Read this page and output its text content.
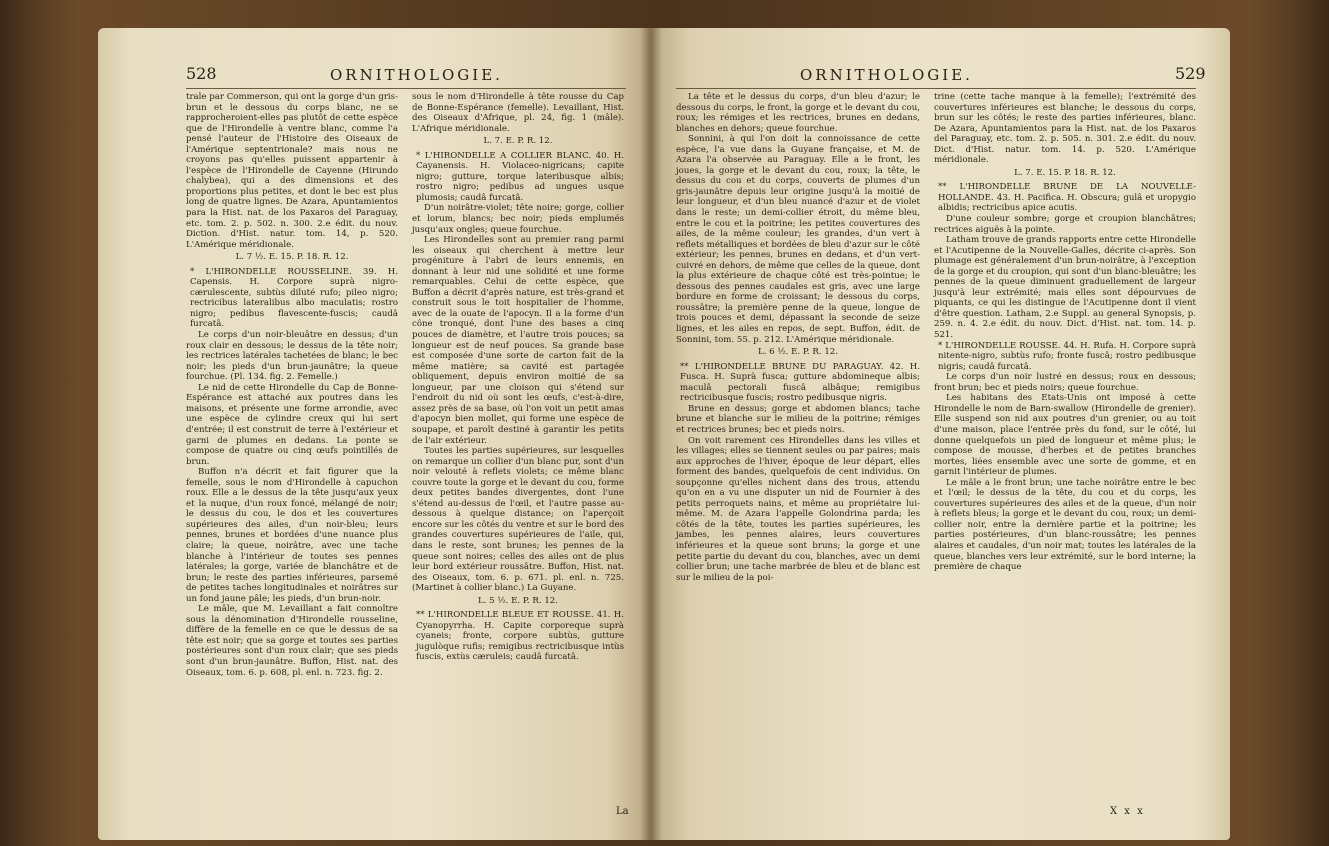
528	ORNITHOLOGIE.	ORNITHOLOGIE.	529

trale par Commerson, qui ont la gorge d'un gris-brun et le dessous du corps blanc, ne se rapprocheroient-elles pas plutôt de cette espèce que de l'Hirondelle à ventre blanc, comme l'a pensé l'auteur de l'Histoire des Oiseaux de l'Amérique septentrionale? mais nous ne croyons pas qu'elles puissent appartenir à l'espèce de l'Hirondelle de Cayenne (Hirundo chalybea), qui a des dimensions et des proportions plus petites, et dont le bec est plus long de quatre lignes. De Azara, Apuntamientos para la Hist. nat. de los Paxaros del Paraguay, etc. tom. 2. p. 502. n. 300. 2.e édit. du nouv. Diction. d'Hist. natur. tom. 14, p. 520. L'Amérique méridionale.

L. 7 ½. E. 15. P. 18. R. 12.

* L'HIRONDELLE ROUSSELINE. 39. H. Capensis. H. Corpore suprà nigro-cærulescente, subtùs diluté rufo; pileo nigro; rectricibus lateralibus albo maculatis; rostro nigro; pedibus flavescente-fuscis; caudâ furcatâ.

Le corps d'un noir-bleuâtre en dessus; d'un roux clair en dessous; le dessus de la tête noir; les rectrices latérales tachetées de blanc; le bec noir; les pieds d'un brun-jaunâtre; la queue fourchue. (Pl. 134. fig. 2. Femelle.)

Le nid de cette Hirondelle du Cap de Bonne-Espérance est attaché aux poutres dans les maisons, et présente une forme arrondie, avec une espèce de cylindre creux qui lui sert d'entrée; il est construit de terre à l'extérieur et garni de plumes en dedans. La ponte se compose de quatre ou cinq œufs pointillés de brun.

Buffon n'a décrit et fait figurer que la femelle, sous le nom d'Hirondelle à capuchon roux. Elle a le dessus de la tête jusqu'aux yeux et la nuque, d'un roux foncé, mélangé de noir; le dessus du cou, le dos et les couvertures supérieures des ailes, d'un noir-bleu; leurs pennes, brunes et bordées d'une nuance plus claire; la queue, noirâtre, avec une tache blanche à l'intérieur de toutes ses pennes latérales; la gorge, variée de blanchâtre et de brun; le reste des parties inférieures, parsemé de petites taches longitudinales et noirâtres sur un fond jaune pâle; les pieds, d'un brun-noir.

Le mâle, que M. Levaillant a fait connoître sous la dénomination d'Hirondelle rousseline, diffère de la femelle en ce que le dessus de sa tête est noir; que sa gorge et toutes ses parties postérieures sont d'un roux clair; que ses pieds sont d'un brun-jaunâtre. Buffon, Hist. nat. des Oiseaux, tom. 6. p. 608, pl. enl. n. 723. fig. 2.

sous le nom d'Hirondelle à tête rousse du Cap de Bonne-Espérance (femelle). Levaillant, Hist. des Oiseaux d'Afrique, pl. 24, fig. 1 (mâle). L'Afrique méridionale.

L. 7. E. P. R. 12.

* L'HIRONDELLE A COLLIER BLANC. 40. H. Cayanensis. H. Violaceo-nigricans; capite nigro; gutture, torque lateribusque albis; rostro nigro; pedibus ad ungues usque plumosis; caudâ furcatâ.

D'un noirâtre-violet; tête noire; gorge, collier et lorum, blancs; bec noir; pieds emplumés jusqu'aux ongles; queue fourchue.

Les Hirondelles sont au premier rang parmi les oiseaux qui cherchent à mettre leur progéniture à l'abri de leurs ennemis, en donnant à leur nid une solidité et une forme remarquables. Celui de cette espèce, que Buffon a décrit d'après nature, est très-grand et construit sous le toit hospitalier de l'homme, avec de la ouate de l'apocyn. Il a la forme d'un cône tronqué, dont l'une des bases a cinq pouces de diamètre, et l'autre trois pouces; sa longueur est de neuf pouces. Sa grande base est composée d'une sorte de carton fait de la même matière; sa cavité est partagée obliquement, depuis environ moitié de sa longueur, par une cloison qui s'étend sur l'endroit du nid où sont les œufs, c'est-à-dire, assez près de sa base, où l'on voit un petit amas d'apocyn bien mollet, qui forme une espèce de soupape, et paroît destiné à garantir les petits de l'air extérieur.

Toutes les parties supérieures, sur lesquelles on remarque un collier d'un blanc pur, sont d'un noir velouté à reflets violets; ce même blanc couvre toute la gorge et le devant du cou, forme deux petites bandes divergentes, dont l'une s'étend au-dessus de l'œil, et l'autre passe au-dessous à quelque distance; on l'aperçoit encore sur les côtés du ventre et sur le bord des grandes couvertures supérieures de l'aile, qui, dans le reste, sont brunes; les pennes de la queue sont noires; celles des ailes ont de plus leur bord extérieur roussâtre. Buffon, Hist. nat. des Oiseaux, tom. 6. p. 671. pl. enl. n. 725. (Martinet à collier blanc.) La Guyane.

L. 5 ½. E. P. R. 12.

** L'HIRONDELLE BLEUE ET ROUSSE. 41. H. Cyanopyrrha. H. Capite corporeque suprà cyaneis; fronte, corpore subtùs, gutture jugulòque rufis; remigibus rectricibusque intùs fuscis, extùs cæruleis; caudâ furcatâ.

La

La tête et le dessus du corps, d'un bleu d'azur; le dessous du corps, le front, la gorge et le devant du cou, roux; les rémiges et les rectrices, brunes en dedans, blanches en dehors; queue fourchue.

Sonnini, à qui l'on doit la connoissance de cette espèce, l'a vue dans la Guyane française, et M. de Azara l'a observée au Paraguay. Elle a le front, les joues, la gorge et le devant du cou, roux; la tête, le dessus du cou et du corps, couverts de plumes d'un gris-jaunâtre depuis leur origine jusqu'à la moitié de leur longueur, et d'un bleu nuancé d'azur et de violet dans le reste; un demi-collier étroit, du même bleu, entre le cou et la poitrine; les petites couvertures des ailes, de la même couleur; les grandes, d'un vert à reflets métalliques et bordées de bleu d'azur sur le côté extérieur; les pennes, brunes en dedans, et d'un vert-cuivré en dehors, de même que celles de la queue, dont la plus extérieure de chaque côté est très-pointue; le dessous des pennes caudales est gris, avec une large bordure en forme de croissant; le dessous du corps, roussâtre; la première penne de la queue, longue de trois pouces et demi, dépassant la seconde de seize lignes, et les ailes en repos, de sept. Buffon, édit. de Sonnini, tom. 55. p. 212. L'Amérique méridionale.

L. 6 ½. E. P. R. 12.

** L'HIRONDELLE BRUNE DU PARAGUAY. 42. H. Fusca. H. Suprà fusca; gutture abdomineque albis; maculâ pectorali fuscâ albâque; remigibus rectricibusque fuscis; rostro pedibusque nigris.

Brune en dessus; gorge et abdomen blancs; tache brune et blanche sur le milieu de la poitrine; rémiges et rectrices brunes; bec et pieds noirs.

On voit rarement ces Hirondelles dans les villes et les villages; elles se tiennent seules ou par paires; mais aux approches de l'hiver, époque de leur départ, elles forment des bandes, quelquefois de cent individus. On soupçonne qu'elles nichent dans des trous, attendu qu'on en a vu une disputer un nid de Fournier à des petits perroquets nains, et même au propriétaire lui-même. M. de Azara l'appelle Golondrina parda; les côtés de la tête, toutes les parties supérieures, les jambes, les pennes alaires, leurs couvertures inférieures et la queue sont bruns; la gorge et une petite partie du devant du cou, blanches, avec un demi collier brun; une tache marbrée de bleu et de blanc est sur le milieu de la poi-

trine (cette tache manque à la femelle); l'extrémité des couvertures inférieures est blanche; le dessous du corps, brun sur les côtés; le reste des parties inférieures, blanc. De Azara, Apuntamientos para la Hist. nat. de los Paxaros del Paraguay, etc. tom. 2. p. 505. n. 301. 2.e édit. du nouv. Dict. d'Hist. natur. tom. 14. p. 520. L'Amérique méridionale.

L. 7. E. 15. P. 18. R. 12.

** L'HIRONDELLE BRUNE DE LA NOUVELLE-HOLLANDE. 43. H. Pacifica. H. Obscura; gulâ et uropygio albidis; rectricibus apice acutis.

D'une couleur sombre; gorge et croupion blanchâtres; rectrices aiguës à la pointe.

Latham trouve de grands rapports entre cette Hirondelle et l'Acutipenne de la Nouvelle-Galles, décrite ci-après. Son plumage est généralement d'un brun-noirâtre, à l'exception de la gorge et du croupion, qui sont d'un blanc-bleuâtre; les pennes de la queue diminuent graduellement de largeur jusqu'à leur extrémité; mais elles sont dépourvues de piquants, ce qui les distingue de l'Acutipenne dont il vient d'être question. Latham, 2.e Suppl. au general Synopsis, p. 259. n. 4. 2.e édit. du nouv. Dict. d'Hist. nat. tom. 14. p. 521.

* L'HIRONDELLE ROUSSE. 44. H. Rufa. H. Corpore suprà nitente-nigro, subtùs rufo; fronte fuscâ; rostro pedibusque nigris; caudâ furcatâ.

Le corps d'un noir lustré en dessus; roux en dessous; front brun; bec et pieds noirs; queue fourchue.

Les habitans des Etats-Unis ont imposé à cette Hirondelle le nom de Barn-swallow (Hirondelle de grenier). Elle suspend son nid aux poutres d'un grenier, ou au toit d'une maison, place l'entrée près du fond, sur le côté, lui donne quelquefois un pied de longueur et même plus; le compose de mousse, d'herbes et de petites branches mortes, liées ensemble avec une sorte de gomme, et en garnit l'intérieur de plumes.

Le mâle a le front brun; une tache noirâtre entre le bec et l'œil; le dessus de la tête, du cou et du corps, les couvertures supérieures des ailes et de la queue, d'un noir à reflets bleus; la gorge et le devant du cou, roux; un demi-collier noir, entre la dernière partie et la poitrine; les parties postérieures, d'un blanc-roussâtre; les pennes alaires et caudales, d'un noir mat; toutes les latérales de la queue, blanches vers leur extrémité, sur le bord interne; la première de chaque

X x x
